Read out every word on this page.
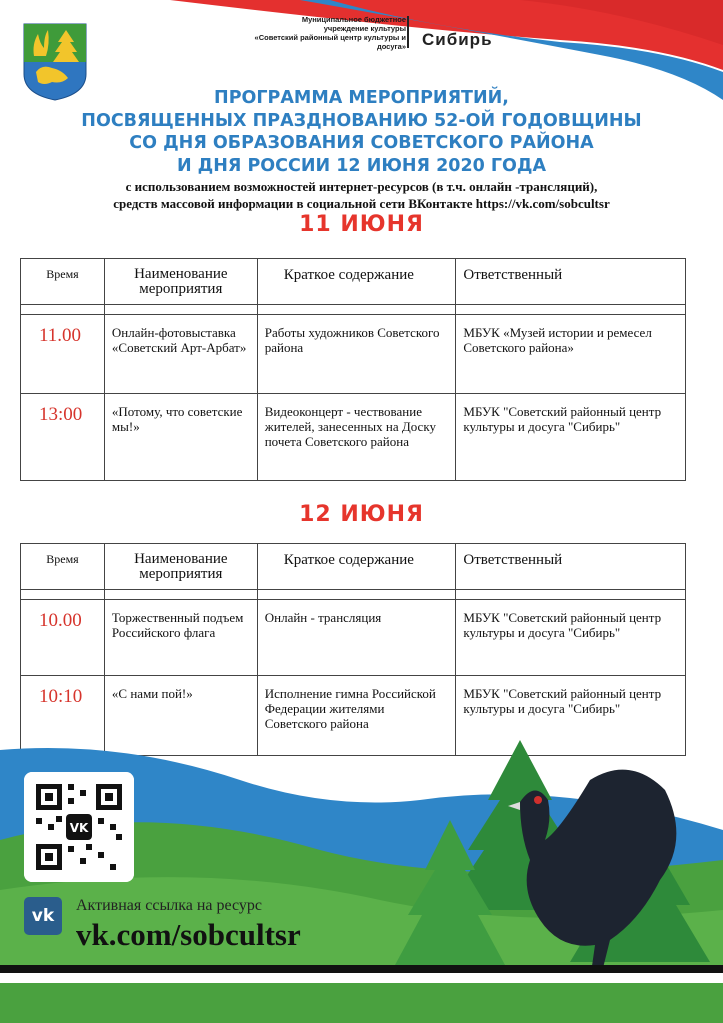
Муниципальное бюджетное
учреждение культуры
«Советский районный центр культуры и досуга» Сибирь
ПРОГРАММА МЕРОПРИЯТИЙ,
ПОСВЯЩЕННЫХ ПРАЗДНОВАНИЮ 52-ОЙ ГОДОВЩИНЫ
СО ДНЯ ОБРАЗОВАНИЯ СОВЕТСКОГО РАЙОНА
И ДНЯ РОССИИ 12 ИЮНЯ 2020 ГОДА
с использованием возможностей интернет-ресурсов (в т.ч. онлайн -трансляций),
средств массовой информации в социальной сети ВКонтакте https://vk.com/sobcultsr
11 ИЮНЯ
Время	Наименование мероприятия	Краткое содержание	Ответственный

11.00	Онлайн-фотовыставка «Советский Арт-Арбат»	Работы художников Советского района	МБУК «Музей истории и ремесел Советского района»
13:00	«Потому, что советские мы!»	Видеоконцерт - чествование жителей, занесенных на Доску почета Советского района	МБУК "Советский районный центр культуры и досуга "Сибирь"
12 ИЮНЯ
Время	Наименование мероприятия	Краткое содержание	Ответственный

10.00	Торжественный подъем Российского флага	Онлайн - трансляция	МБУК "Советский районный центр культуры и досуга "Сибирь"
10:10	«С нами пой!»	Исполнение гимна Российской Федерации жителями Советского района	МБУК "Советский районный центр культуры и досуга "Сибирь"
VK
vk
Активная ссылка на ресурс
vk.com/sobcultsr
